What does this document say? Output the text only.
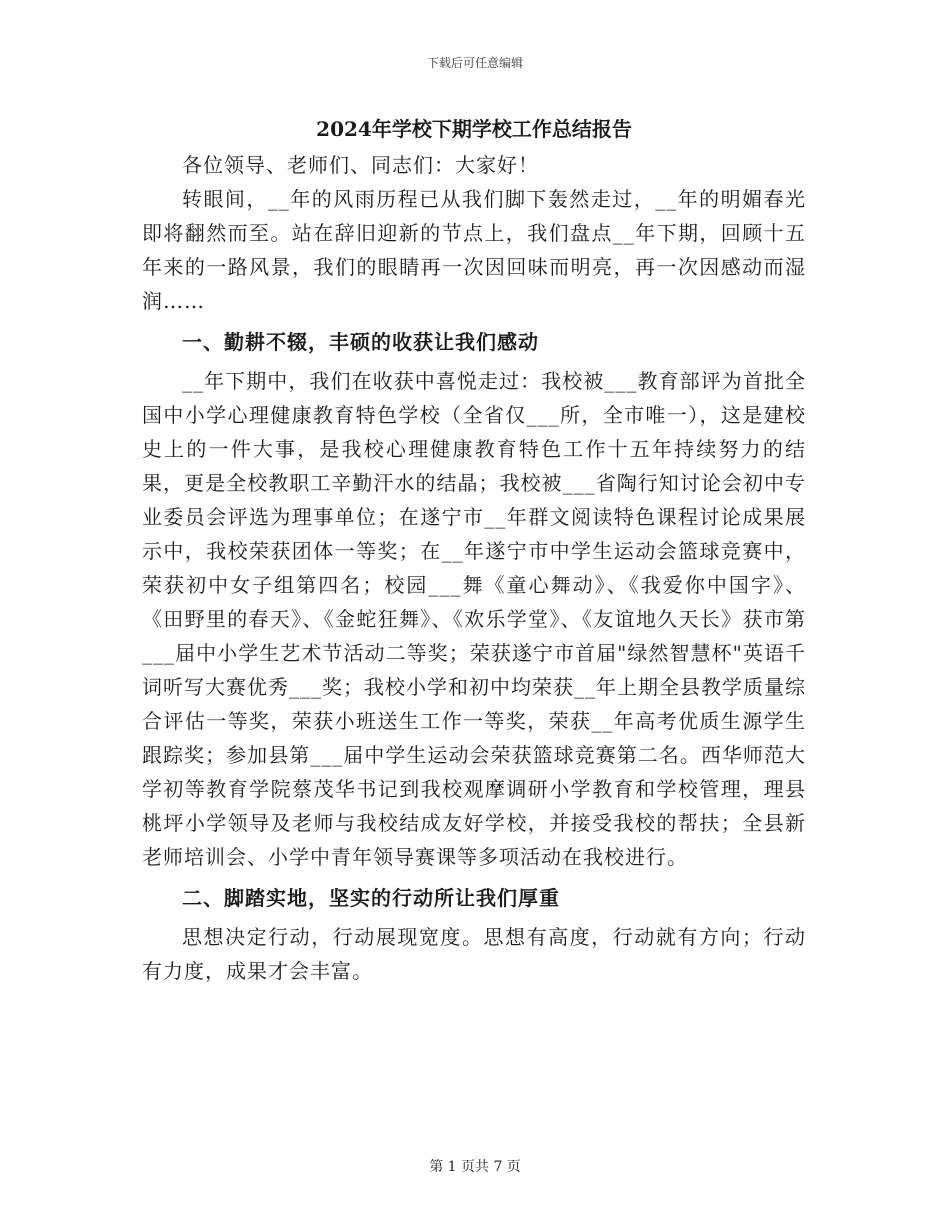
下载后可任意编辑

2024年学校下期学校工作总结报告

各位领导、老师们、同志们：大家好！

转眼间，__年的风雨历程已从我们脚下轰然走过，__年的明媚春光即将翻然而至。站在辞旧迎新的节点上，我们盘点__年下期，回顾十五年来的一路风景，我们的眼睛再一次因回味而明亮，再一次因感动而湿润……

一、勤耕不辍，丰硕的收获让我们感动

__年下期中，我们在收获中喜悦走过：我校被___教育部评为首批全国中小学心理健康教育特色学校（全省仅___所，全市唯一），这是建校史上的一件大事，是我校心理健康教育特色工作十五年持续努力的结果，更是全校教职工辛勤汗水的结晶；我校被___省陶行知讨论会初中专业委员会评选为理事单位；在遂宁市__年群文阅读特色课程讨论成果展示中，我校荣获团体一等奖；在__年遂宁市中学生运动会篮球竞赛中，荣获初中女子组第四名；校园___舞《童心舞动》、《我爱你中国字》、《田野里的春天》、《金蛇狂舞》、《欢乐学堂》、《友谊地久天长》获市第___届中小学生艺术节活动二等奖；荣获遂宁市首届"绿然智慧杯"英语千词听写大赛优秀___奖；我校小学和初中均荣获__年上期全县教学质量综合评估一等奖，荣获小班送生工作一等奖，荣获__年高考优质生源学生跟踪奖；参加县第___届中学生运动会荣获篮球竞赛第二名。西华师范大学初等教育学院蔡茂华书记到我校观摩调研小学教育和学校管理，理县桃坪小学领导及老师与我校结成友好学校，并接受我校的帮扶；全县新老师培训会、小学中青年领导赛课等多项活动在我校进行。

二、脚踏实地，坚实的行动所让我们厚重

思想决定行动，行动展现宽度。思想有高度，行动就有方向；行动有力度，成果才会丰富。

第 1 页共 7 页
